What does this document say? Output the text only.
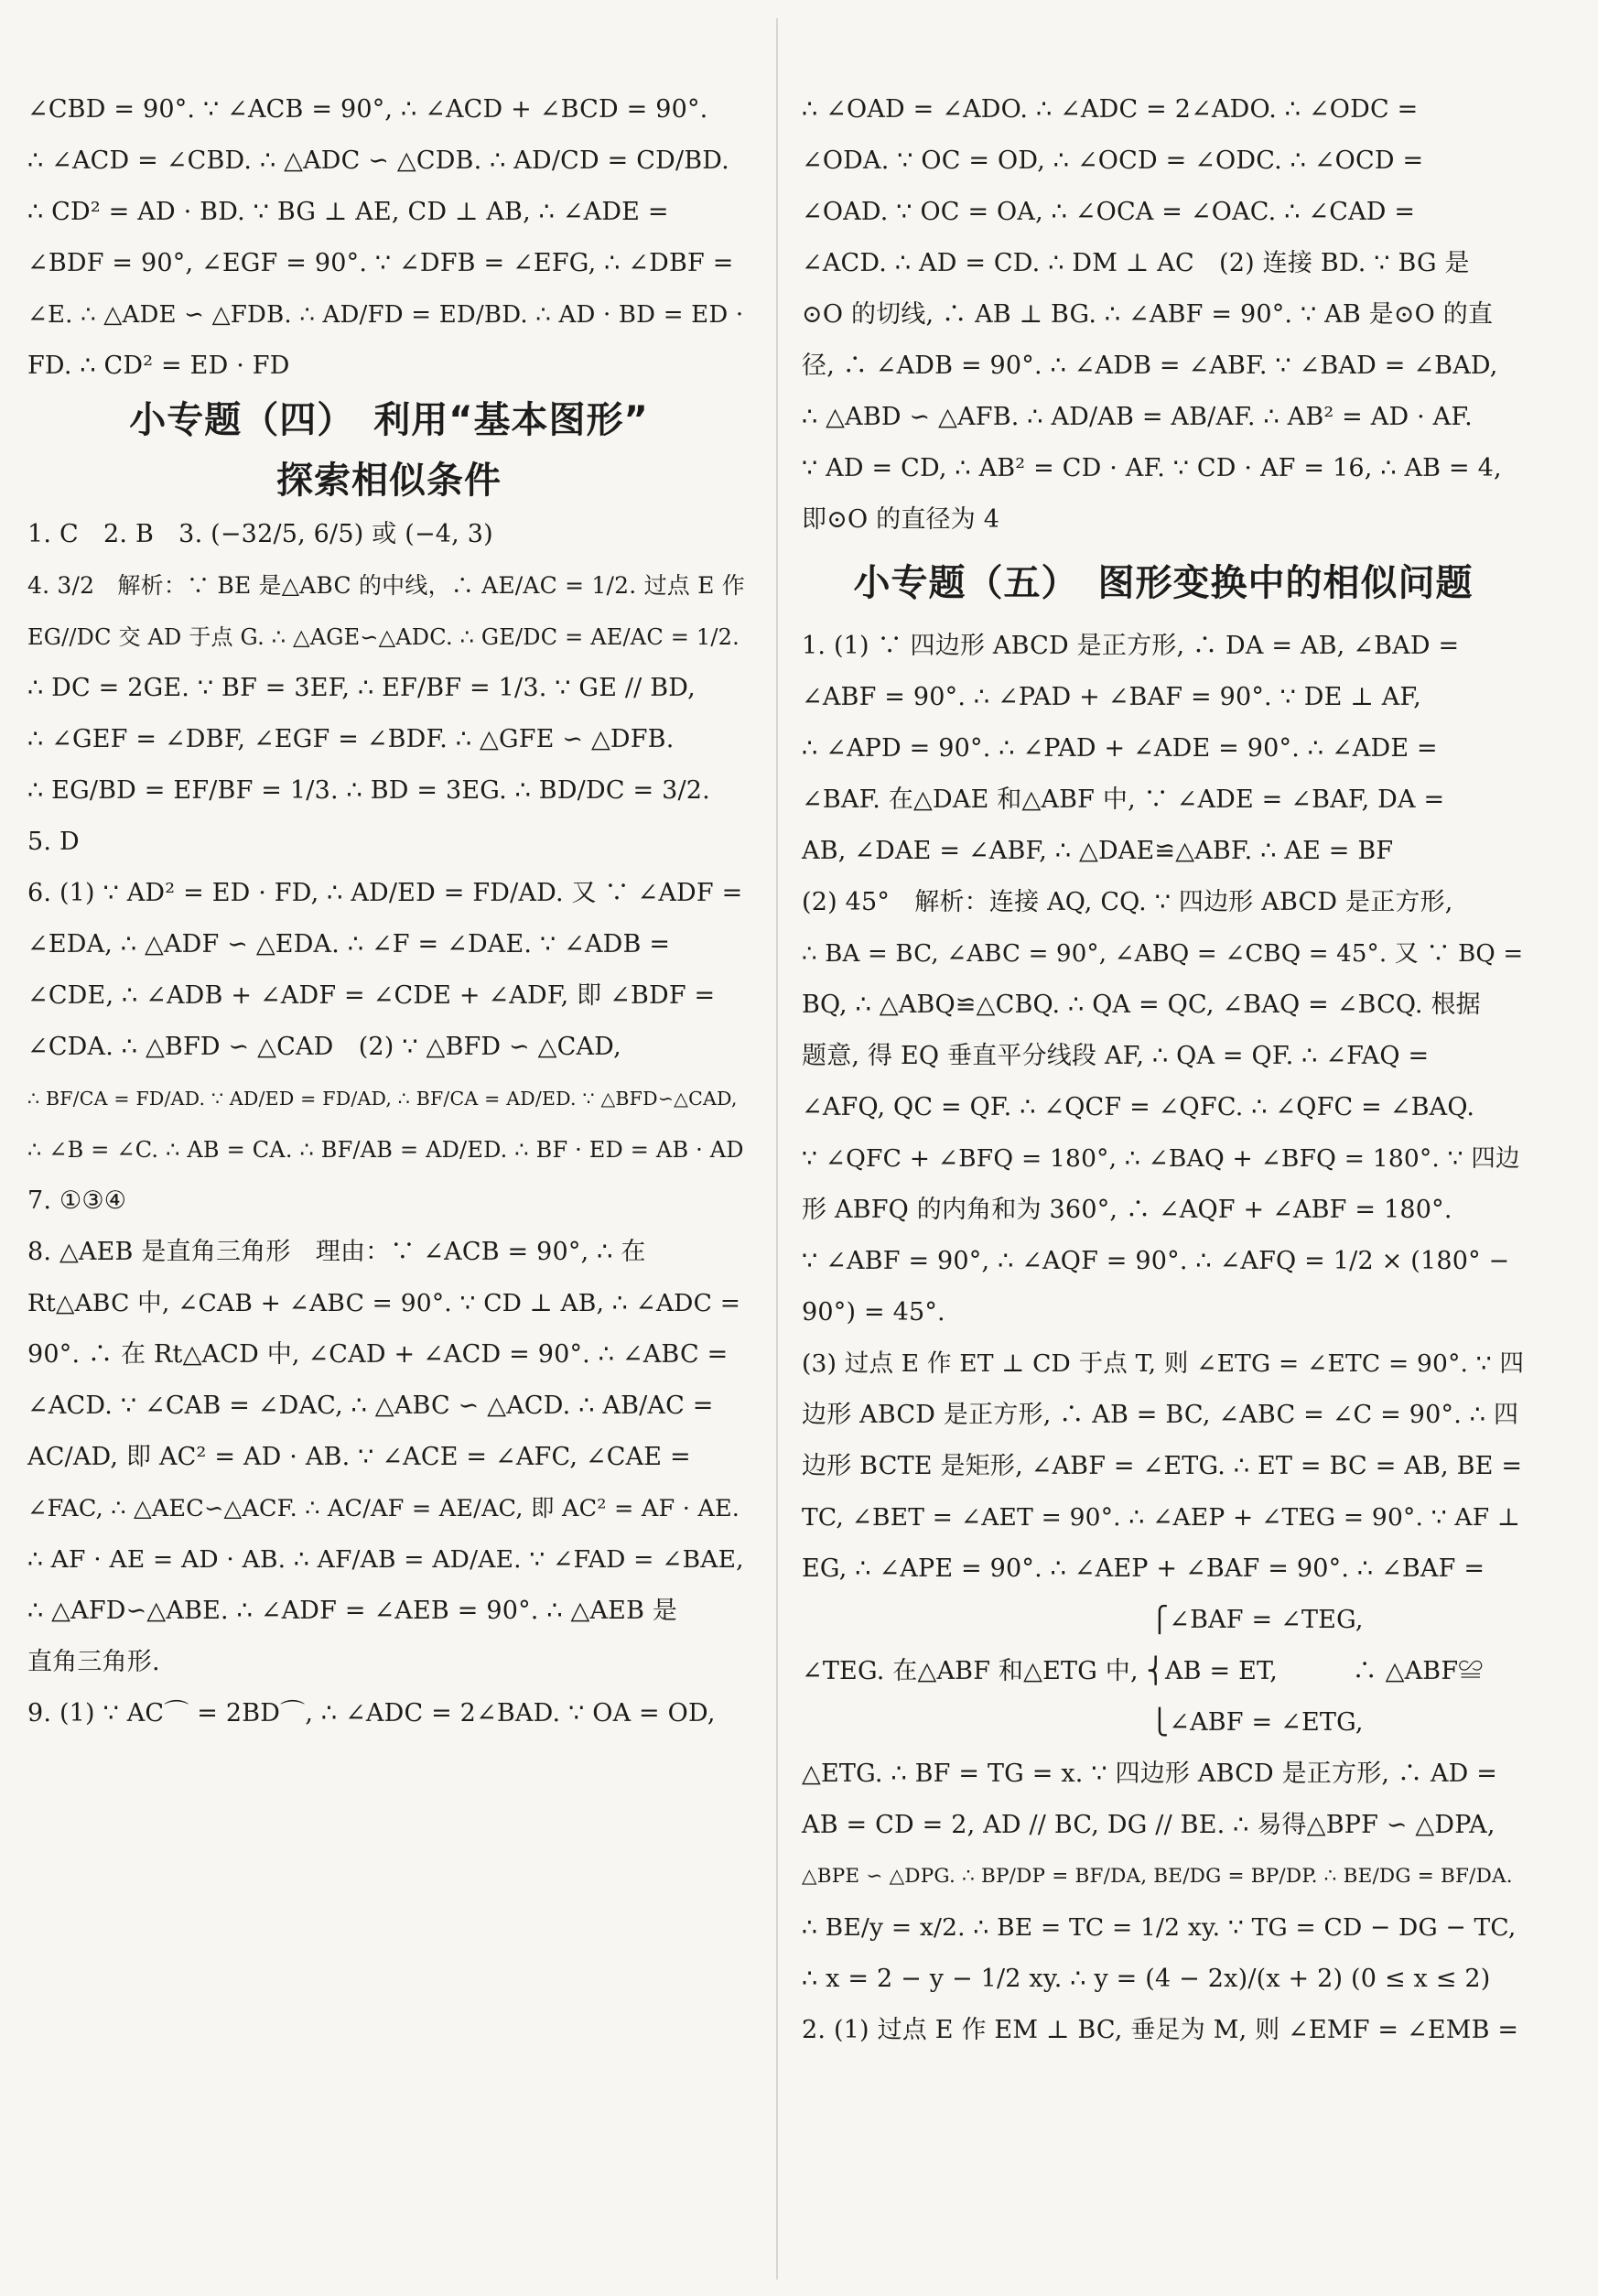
∠CBD = 90°. ∵ ∠ACB = 90°, ∴ ∠ACD + ∠BCD = 90°.
∴ ∠ACD = ∠CBD. ∴ △ADC ∽ △CDB. ∴ AD/CD = CD/BD.
∴ CD² = AD · BD. ∵ BG ⊥ AE, CD ⊥ AB, ∴ ∠ADE =
∠BDF = 90°, ∠EGF = 90°. ∵ ∠DFB = ∠EFG, ∴ ∠DBF =
∠E. ∴ △ADE ∽ △FDB. ∴ AD/FD = ED/BD. ∴ AD · BD = ED ·
FD. ∴ CD² = ED · FD
小专题（四）　利用“基本图形”
探索相似条件
1. C　2. B　3. (−32/5, 6/5) 或 (−4, 3)
4. 3/2　解析：∵ BE 是△ABC 的中线，∴ AE/AC = 1/2. 过点 E 作
EG//DC 交 AD 于点 G. ∴ △AGE∽△ADC. ∴ GE/DC = AE/AC = 1/2.
∴ DC = 2GE. ∵ BF = 3EF, ∴ EF/BF = 1/3. ∵ GE // BD,
∴ ∠GEF = ∠DBF, ∠EGF = ∠BDF. ∴ △GFE ∽ △DFB.
∴ EG/BD = EF/BF = 1/3. ∴ BD = 3EG. ∴ BD/DC = 3/2.
5. D
6. (1) ∵ AD² = ED · FD, ∴ AD/ED = FD/AD. 又 ∵ ∠ADF =
∠EDA, ∴ △ADF ∽ △EDA. ∴ ∠F = ∠DAE. ∵ ∠ADB =
∠CDE, ∴ ∠ADB + ∠ADF = ∠CDE + ∠ADF, 即 ∠BDF =
∠CDA. ∴ △BFD ∽ △CAD　(2) ∵ △BFD ∽ △CAD,
∴ BF/CA = FD/AD. ∵ AD/ED = FD/AD, ∴ BF/CA = AD/ED. ∵ △BFD∽△CAD,
∴ ∠B = ∠C. ∴ AB = CA. ∴ BF/AB = AD/ED. ∴ BF · ED = AB · AD
7. ①③④
8. △AEB 是直角三角形　理由：∵ ∠ACB = 90°, ∴ 在
Rt△ABC 中, ∠CAB + ∠ABC = 90°. ∵ CD ⊥ AB, ∴ ∠ADC =
90°. ∴ 在 Rt△ACD 中, ∠CAD + ∠ACD = 90°. ∴ ∠ABC =
∠ACD. ∵ ∠CAB = ∠DAC, ∴ △ABC ∽ △ACD. ∴ AB/AC =
AC/AD, 即 AC² = AD · AB. ∵ ∠ACE = ∠AFC, ∠CAE =
∠FAC, ∴ △AEC∽△ACF. ∴ AC/AF = AE/AC, 即 AC² = AF · AE.
∴ AF · AE = AD · AB. ∴ AF/AB = AD/AE. ∵ ∠FAD = ∠BAE,
∴ △AFD∽△ABE. ∴ ∠ADF = ∠AEB = 90°. ∴ △AEB 是
直角三角形.
9. (1) ∵ AC⌒ = 2BD⌒, ∴ ∠ADC = 2∠BAD. ∵ OA = OD,
∴ ∠OAD = ∠ADO. ∴ ∠ADC = 2∠ADO. ∴ ∠ODC =
∠ODA. ∵ OC = OD, ∴ ∠OCD = ∠ODC. ∴ ∠OCD =
∠OAD. ∵ OC = OA, ∴ ∠OCA = ∠OAC. ∴ ∠CAD =
∠ACD. ∴ AD = CD. ∴ DM ⊥ AC　(2) 连接 BD. ∵ BG 是
⊙O 的切线, ∴ AB ⊥ BG. ∴ ∠ABF = 90°. ∵ AB 是⊙O 的直
径, ∴ ∠ADB = 90°. ∴ ∠ADB = ∠ABF. ∵ ∠BAD = ∠BAD,
∴ △ABD ∽ △AFB. ∴ AD/AB = AB/AF. ∴ AB² = AD · AF.
∵ AD = CD, ∴ AB² = CD · AF. ∵ CD · AF = 16, ∴ AB = 4,
即⊙O 的直径为 4
小专题（五）　图形变换中的相似问题
1. (1) ∵ 四边形 ABCD 是正方形, ∴ DA = AB, ∠BAD =
∠ABF = 90°. ∴ ∠PAD + ∠BAF = 90°. ∵ DE ⊥ AF,
∴ ∠APD = 90°. ∴ ∠PAD + ∠ADE = 90°. ∴ ∠ADE =
∠BAF. 在△DAE 和△ABF 中, ∵ ∠ADE = ∠BAF, DA =
AB, ∠DAE = ∠ABF, ∴ △DAE≌△ABF. ∴ AE = BF
(2) 45°　解析：连接 AQ, CQ. ∵ 四边形 ABCD 是正方形,
∴ BA = BC, ∠ABC = 90°, ∠ABQ = ∠CBQ = 45°. 又 ∵ BQ =
BQ, ∴ △ABQ≌△CBQ. ∴ QA = QC, ∠BAQ = ∠BCQ. 根据
题意, 得 EQ 垂直平分线段 AF, ∴ QA = QF. ∴ ∠FAQ =
∠AFQ, QC = QF. ∴ ∠QCF = ∠QFC. ∴ ∠QFC = ∠BAQ.
∵ ∠QFC + ∠BFQ = 180°, ∴ ∠BAQ + ∠BFQ = 180°. ∵ 四边
形 ABFQ 的内角和为 360°, ∴ ∠AQF + ∠ABF = 180°.
∵ ∠ABF = 90°, ∴ ∠AQF = 90°. ∴ ∠AFQ = 1/2 × (180° −
90°) = 45°.
(3) 过点 E 作 ET ⊥ CD 于点 T, 则 ∠ETG = ∠ETC = 90°. ∵ 四
边形 ABCD 是正方形, ∴ AB = BC, ∠ABC = ∠C = 90°. ∴ 四
边形 BCTE 是矩形, ∠ABF = ∠ETG. ∴ ET = BC = AB, BE =
TC, ∠BET = ∠AET = 90°. ∴ ∠AEP + ∠TEG = 90°. ∵ AF ⊥
EG, ∴ ∠APE = 90°. ∴ ∠AEP + ∠BAF = 90°. ∴ ∠BAF =
　　　　　　　　　　　　　　⎧∠BAF = ∠TEG,
∠TEG. 在△ABF 和△ETG 中, ⎨AB = ET,　　　∴ △ABF≌
　　　　　　　　　　　　　　⎩∠ABF = ∠ETG,
△ETG. ∴ BF = TG = x. ∵ 四边形 ABCD 是正方形, ∴ AD =
AB = CD = 2, AD // BC, DG // BE. ∴ 易得△BPF ∽ △DPA,
△BPE ∽ △DPG. ∴ BP/DP = BF/DA, BE/DG = BP/DP. ∴ BE/DG = BF/DA.
∴ BE/y = x/2. ∴ BE = TC = 1/2 xy. ∵ TG = CD − DG − TC,
∴ x = 2 − y − 1/2 xy. ∴ y = (4 − 2x)/(x + 2) (0 ≤ x ≤ 2)
2. (1) 过点 E 作 EM ⊥ BC, 垂足为 M, 则 ∠EMF = ∠EMB =
